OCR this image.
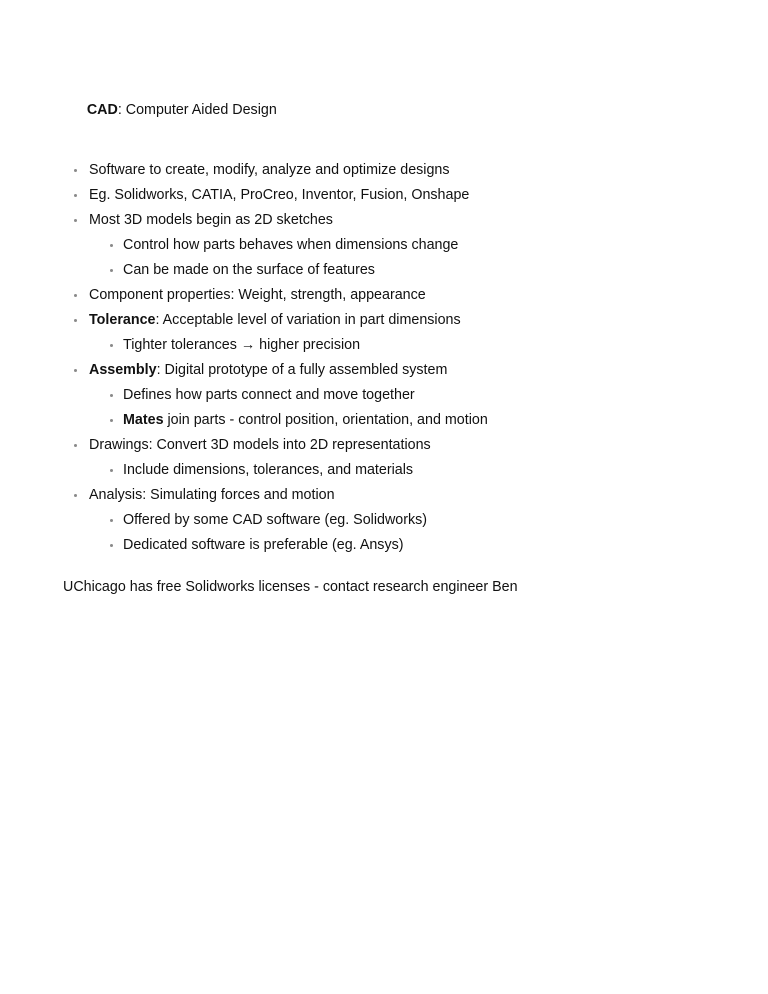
CAD: Computer Aided Design

Software to create, modify, analyze and optimize designs
Eg. Solidworks, CATIA, ProCreo, Inventor, Fusion, Onshape
Most 3D models begin as 2D sketches
Control how parts behaves when dimensions change
Can be made on the surface of features
Component properties: Weight, strength, appearance
Tolerance: Acceptable level of variation in part dimensions
Tighter tolerances → higher precision
Assembly: Digital prototype of a fully assembled system
Defines how parts connect and move together
Mates join parts - control position, orientation, and motion
Drawings: Convert 3D models into 2D representations
Include dimensions, tolerances, and materials
Analysis: Simulating forces and motion
Offered by some CAD software (eg. Solidworks)
Dedicated software is preferable (eg. Ansys)

UChicago has free Solidworks licenses - contact research engineer Ben
